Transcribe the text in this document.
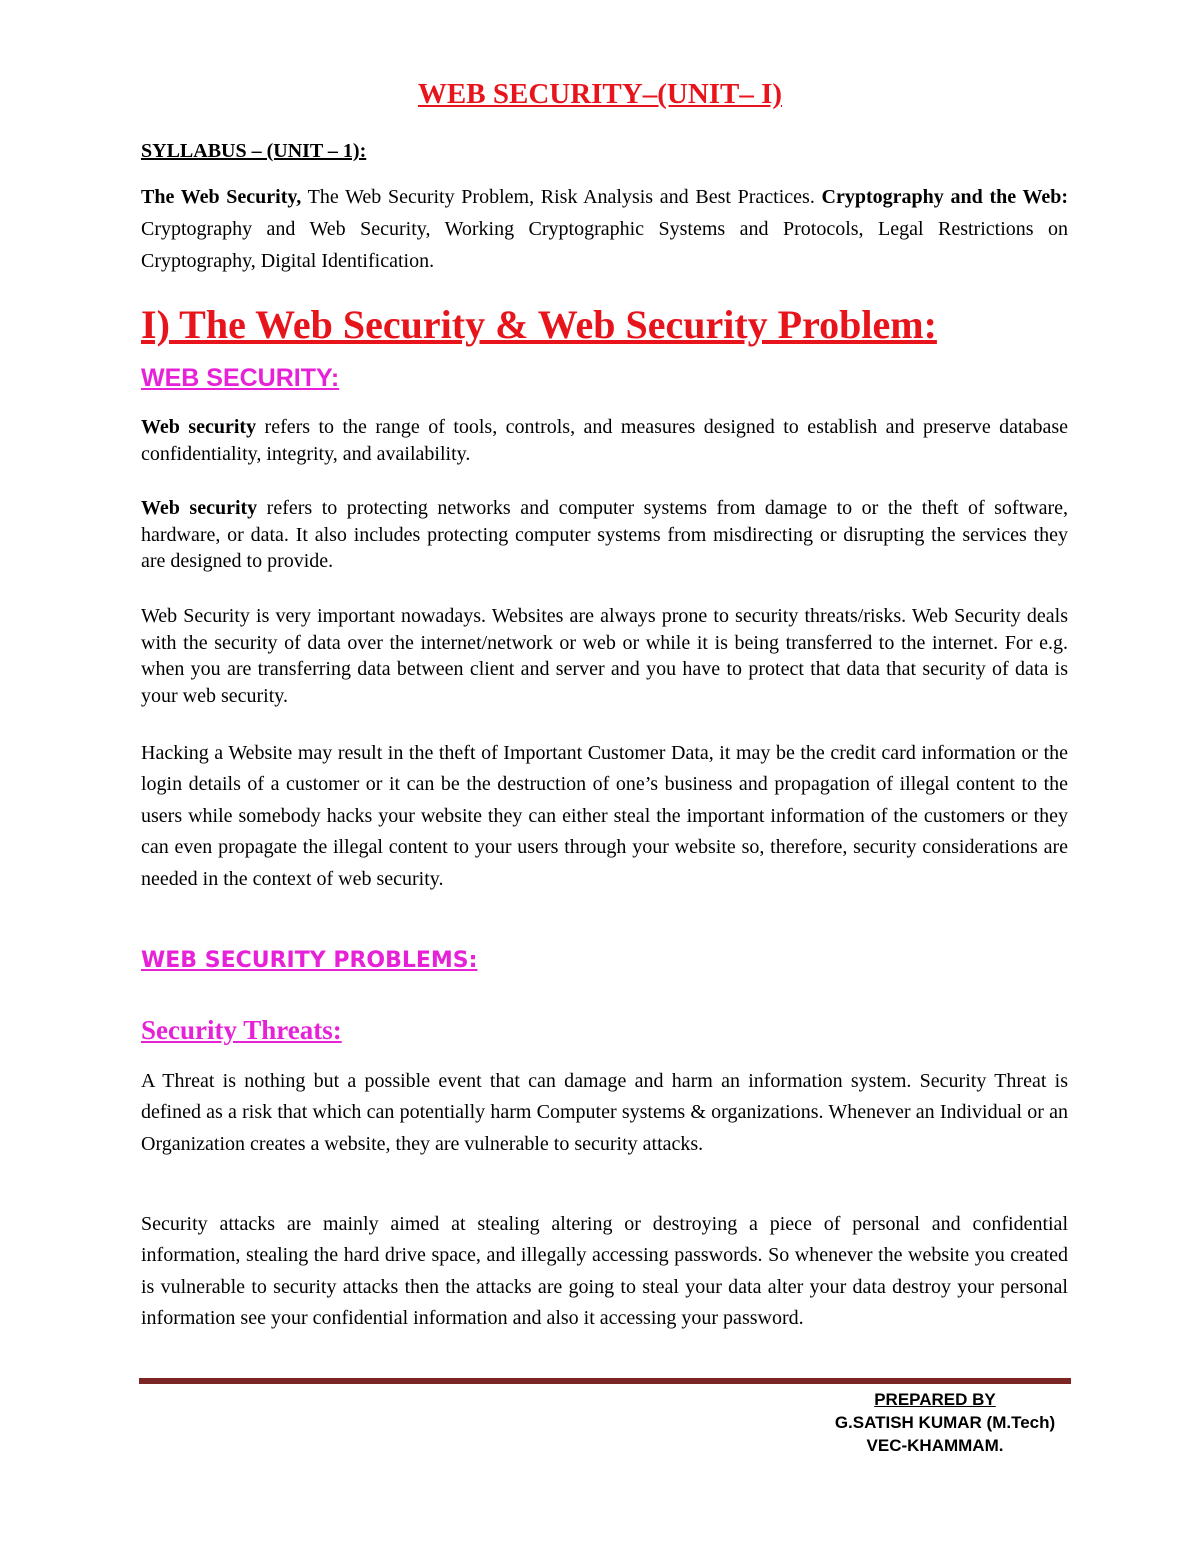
WEB SECURITY–(UNIT– I)
SYLLABUS – (UNIT – 1):
The Web Security, The Web Security Problem, Risk Analysis and Best Practices. Cryptography and the Web: Cryptography and Web Security, Working Cryptographic Systems and Protocols, Legal Restrictions on Cryptography, Digital Identification.
I) The Web Security & Web Security Problem:
WEB SECURITY:
Web security refers to the range of tools, controls, and measures designed to establish and preserve database confidentiality, integrity, and availability.
Web security refers to protecting networks and computer systems from damage to or the theft of software, hardware, or data. It also includes protecting computer systems from misdirecting or disrupting the services they are designed to provide.
Web Security is very important nowadays. Websites are always prone to security threats/risks. Web Security deals with the security of data over the internet/network or web or while it is being transferred to the internet. For e.g. when you are transferring data between client and server and you have to protect that data that security of data is your web security.
Hacking a Website may result in the theft of Important Customer Data, it may be the credit card information or the login details of a customer or it can be the destruction of one’s business and propagation of illegal content to the users while somebody hacks your website they can either steal the important information of the customers or they can even propagate the illegal content to your users through your website so, therefore, security considerations are needed in the context of web security.
WEB SECURITY PROBLEMS:
Security Threats:
A Threat is nothing but a possible event that can damage and harm an information system. Security Threat is defined as a risk that which can potentially harm Computer systems & organizations. Whenever an Individual or an Organization creates a website, they are vulnerable to security attacks.
Security attacks are mainly aimed at stealing altering or destroying a piece of personal and confidential information, stealing the hard drive space, and illegally accessing passwords. So whenever the website you created is vulnerable to security attacks then the attacks are going to steal your data alter your data destroy your personal information see your confidential information and also it accessing your password.
PREPARED BY
G.SATISH KUMAR (M.Tech)
VEC-KHAMMAM.
